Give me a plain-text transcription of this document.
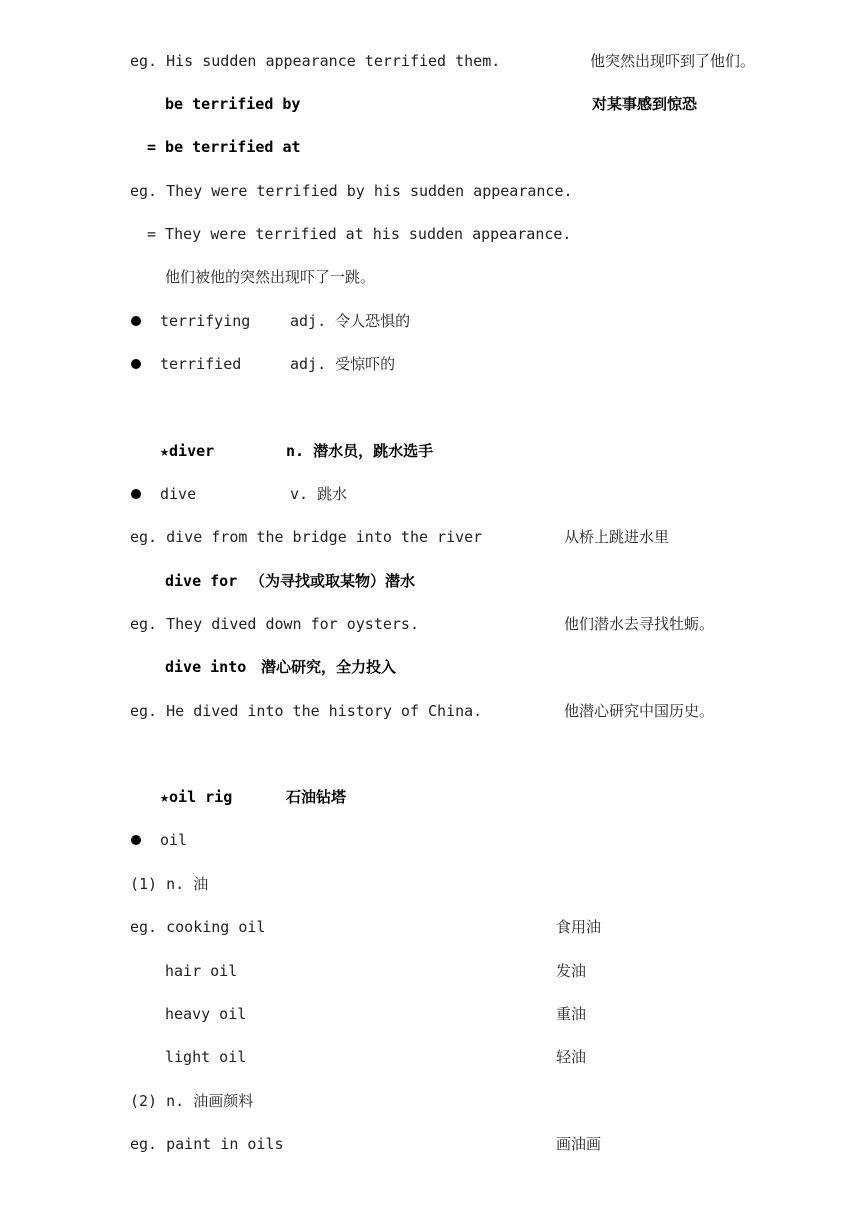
eg. His sudden appearance terrified them.	他突然出现吓到了他们。
be terrified by	对某事感到惊恐
= be terrified at
eg. They were terrified by his sudden appearance.
= They were terrified at his sudden appearance.
他们被他的突然出现吓了一跳。
terrifying	adj. 令人恐惧的
terrified	adj. 受惊吓的
★diver	n. 潜水员，跳水选手
dive	v. 跳水
eg. dive from the bridge into the river	从桥上跳进水里
dive for （为寻找或取某物）潜水
eg. They dived down for oysters.	他们潜水去寻找牡蛎。
dive into 潜心研究，全力投入
eg. He dived into the history of China.	他潜心研究中国历史。
★oil rig	石油钻塔
oil
(1) n. 油
eg. cooking oil	食用油
hair oil	发油
heavy oil	重油
light oil	轻油
(2) n. 油画颜料
eg. paint in oils	画油画
